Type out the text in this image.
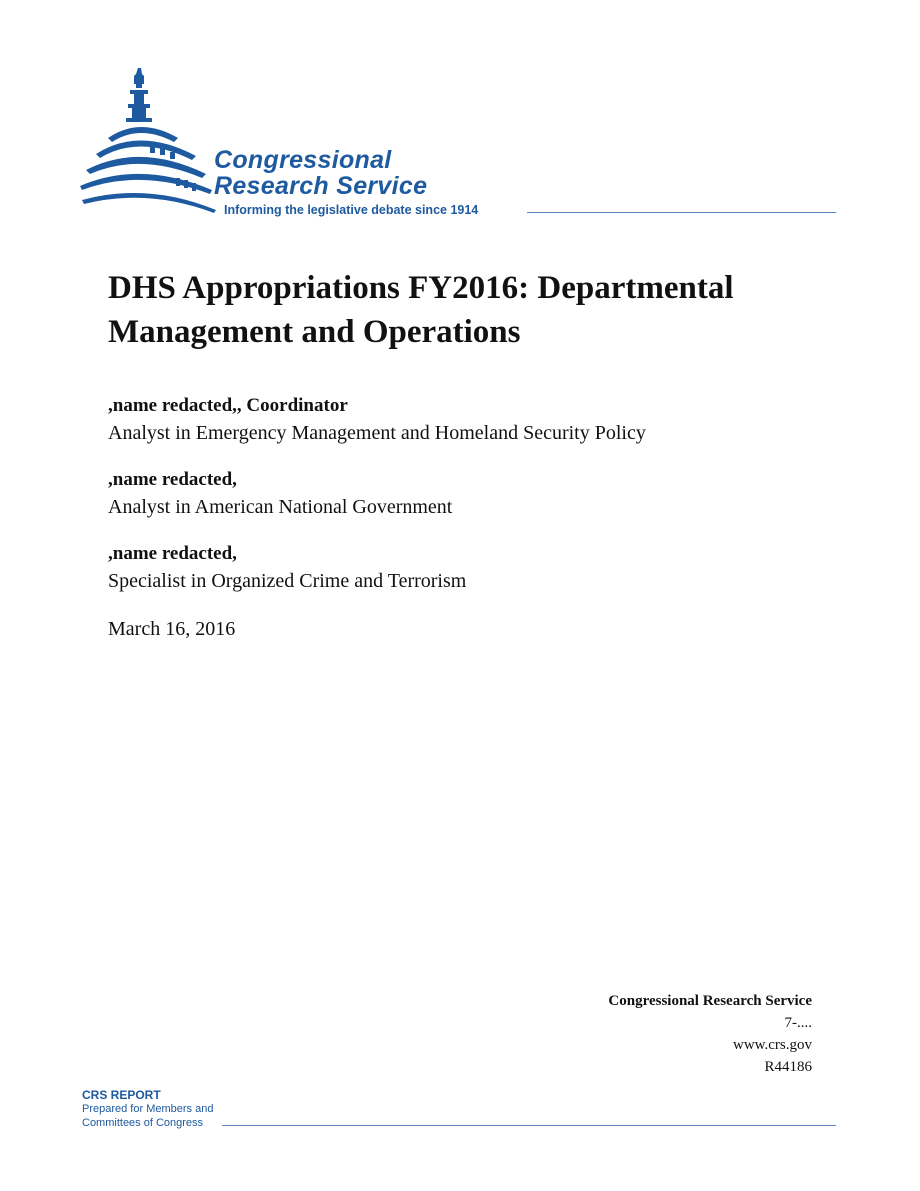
Congressional
Research Service
Informing the legislative debate since 1914
DHS Appropriations FY2016: Departmental Management and Operations
,name redacted,, Coordinator
Analyst in Emergency Management and Homeland Security Policy
,name redacted,
Analyst in American National Government
,name redacted,
Specialist in Organized Crime and Terrorism
March 16, 2016
Congressional Research Service
7-....
www.crs.gov
R44186
CRS REPORT
Prepared for Members and
Committees of Congress
